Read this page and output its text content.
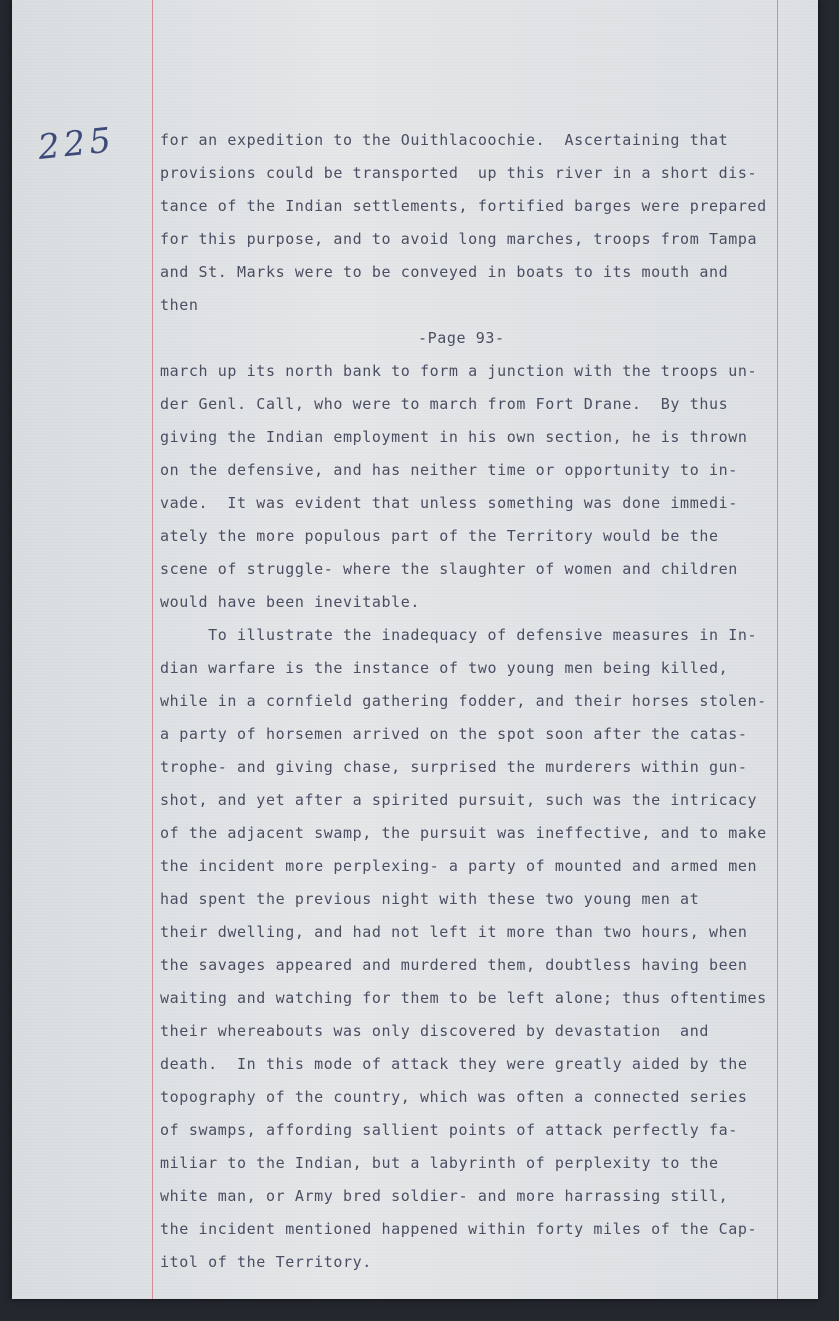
225	for an expedition to the Ouithlacoochie.  Ascertaining that
provisions could be transported  up this river in a short dis-
tance of the Indian settlements, fortified barges were prepared
for this purpose, and to avoid long marches, troops from Tampa
and St. Marks were to be conveyed in boats to its mouth and
then
-Page 93-
march up its north bank to form a junction with the troops un-
der Genl. Call, who were to march from Fort Drane.  By thus
giving the Indian employment in his own section, he is thrown
on the defensive, and has neither time or opportunity to in-
vade.  It was evident that unless something was done immedi-
ately the more populous part of the Territory would be the
scene of struggle- where the slaughter of women and children
would have been inevitable.
To illustrate the inadequacy of defensive measures in In-
dian warfare is the instance of two young men being killed,
while in a cornfield gathering fodder, and their horses stolen-
a party of horsemen arrived on the spot soon after the catas-
trophe- and giving chase, surprised the murderers within gun-
shot, and yet after a spirited pursuit, such was the intricacy
of the adjacent swamp, the pursuit was ineffective, and to make
the incident more perplexing- a party of mounted and armed men
had spent the previous night with these two young men at
their dwelling, and had not left it more than two hours, when
the savages appeared and murdered them, doubtless having been
waiting and watching for them to be left alone; thus oftentimes
their whereabouts was only discovered by devastation  and
death.  In this mode of attack they were greatly aided by the
topography of the country, which was often a connected series
of swamps, affording sallient points of attack perfectly fa-
miliar to the Indian, but a labyrinth of perplexity to the
white man, or Army bred soldier- and more harrassing still,
the incident mentioned happened within forty miles of the Cap-
itol of the Territory.
